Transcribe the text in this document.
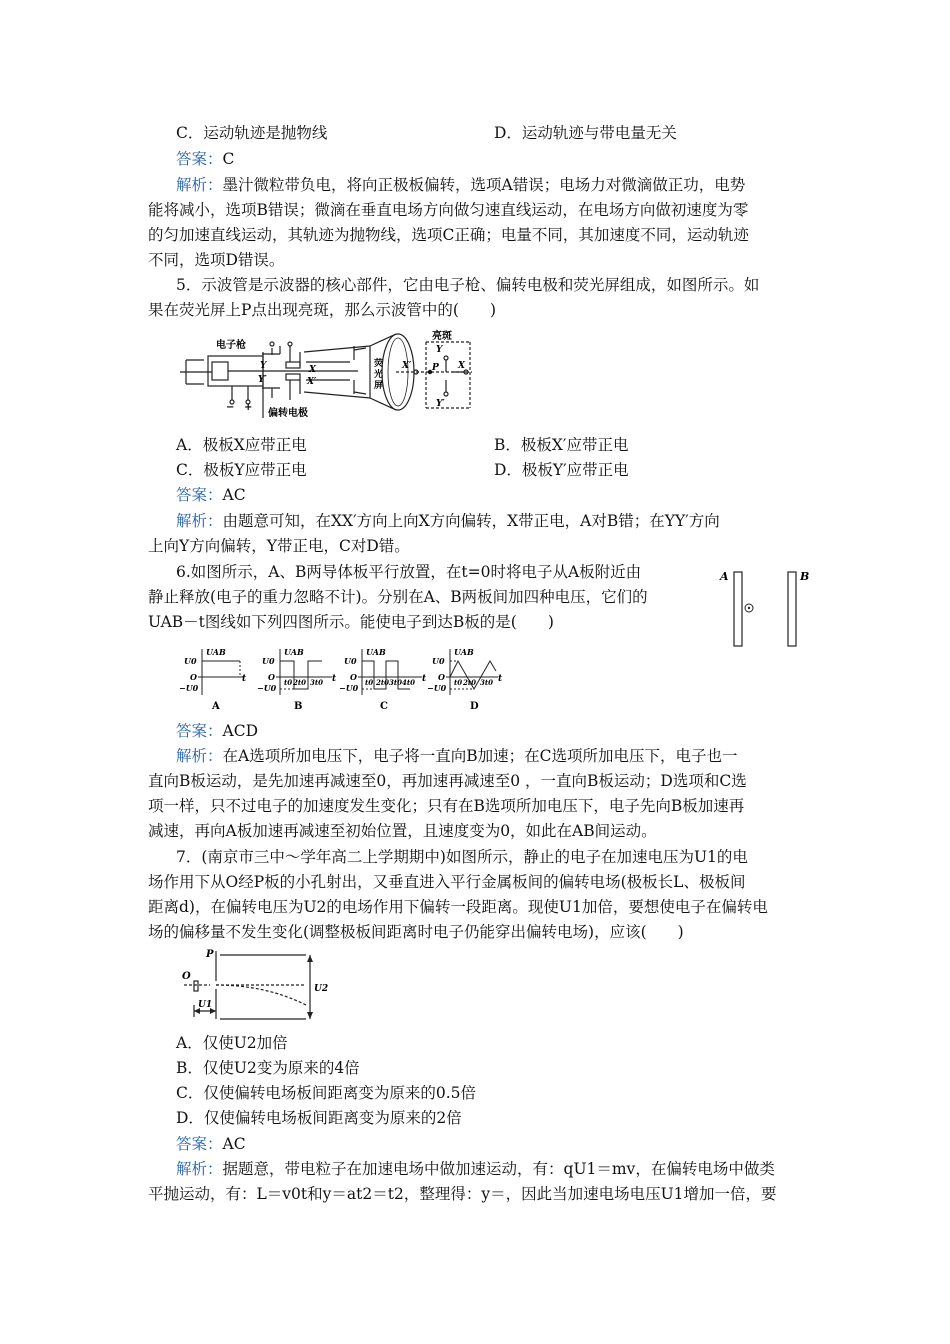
C．运动轨迹是抛物线	D．运动轨迹与带电量无关
答案：C
解析：墨汁微粒带负电，将向正极板偏转，选项A错误；电场力对微滴做正功，电势
能将减小，选项B错误；微滴在垂直电场方向做匀速直线运动，在电场方向做初速度为零
的匀加速直线运动，其轨迹为抛物线，选项C正确；电量不同，其加速度不同，运动轨迹
不同，选项D错误。
5．示波管是示波器的核心部件，它由电子枪、偏转电极和荧光屏组成，如图所示。如
果在荧光屏上P点出现亮斑，那么示波管中的(　　)
电子枪
亮斑
Y
Y′
X
X′ P
荧
光
屏
偏转电极
Y
Y′
X
X′
− +
A．极板X应带正电	B．极板X′应带正电
C．极板Y应带正电	D．极板Y′应带正电
答案：AC
解析：由题意可知，在XX′方向上向X方向偏转，X带正电，A对B错；在YY′方向
上向Y方向偏转，Y带正电，C对D错。
6.如图所示，A、B两导体板平行放置，在t=0时将电子从A板附近由
静止释放(电子的重力忽略不计)。分别在A、B两板间加四种电压，它们的
UAB－t图线如下列四图所示。能使电子到达B板的是(　　)
A	B
UAB
U0
O
−U0
t
A
UAB
U0
O
−U0
t0 2t0 3t0 t
B
UAB
U0
O
−U0
t0 2t0 3t0 4t0 t
C
UAB
U0
O
−U0
t0 2t0 3t0 t
D
答案：ACD
解析：在A选项所加电压下，电子将一直向B加速；在C选项所加电压下，电子也一
直向B板运动，是先加速再减速至0，再加速再减速至0 ，一直向B板运动；D选项和C选
项一样，只不过电子的加速度发生变化；只有在B选项所加电压下，电子先向B板加速再
减速，再向A板加速再减速至初始位置，且速度变为0，如此在AB间运动。
7．(南京市三中～学年高二上学期期中)如图所示，静止的电子在加速电压为U1的电
场作用下从O经P板的小孔射出，又垂直进入平行金属板间的偏转电场(极板长L、极板间
距离d)，在偏转电压为U2的电场作用下偏转一段距离。现使U1加倍，要想使电子在偏转电
场的偏移量不发生变化(调整极板间距离时电子仍能穿出偏转电场)，应该(　　)
P
O
U1
U2
A．仅使U2加倍
B．仅使U2变为原来的4倍
C．仅使偏转电场板间距离变为原来的0.5倍
D．仅使偏转电场板间距离变为原来的2倍
答案：AC
解析：据题意，带电粒子在加速电场中做加速运动，有：qU1＝mv，在偏转电场中做类
平抛运动，有：L＝v0t和y＝at2＝t2，整理得：y＝，因此当加速电场电压U1增加一倍，要
